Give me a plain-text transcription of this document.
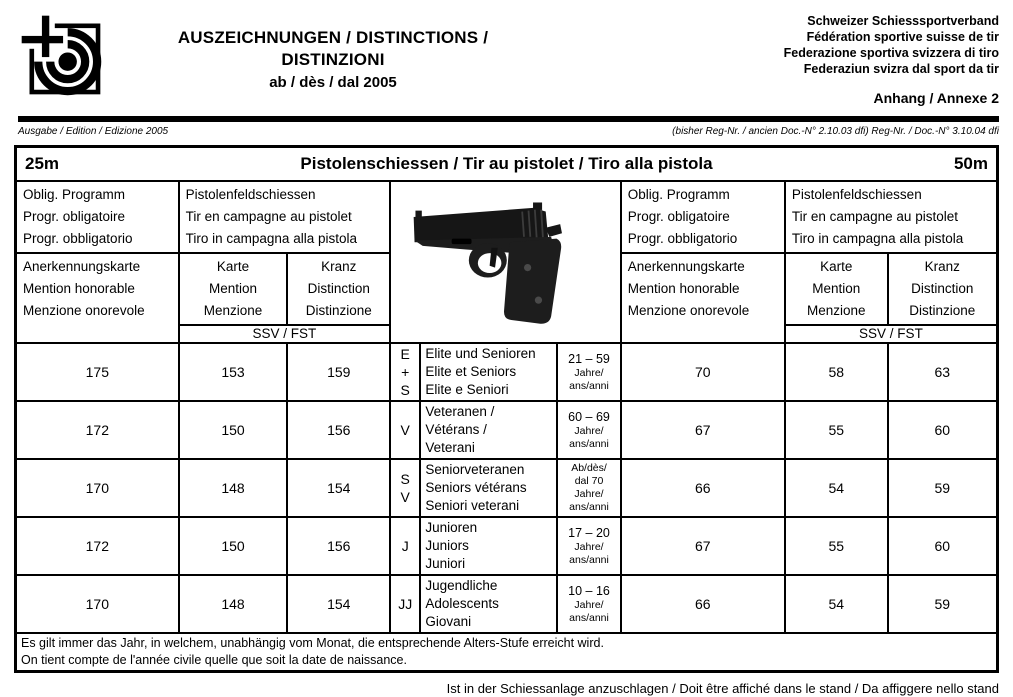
AUSZEICHNUNGEN / DISTINCTIONS /
DISTINZIONI
ab / dès / dal 2005
Schweizer Schiesssportverband
Fédération sportive suisse de tir
Federazione sportiva svizzera di tiro
Federaziun svizra dal sport da tir
Anhang / Annexe 2
Ausgabe / Edition / Edizione 2005	(bisher Reg-Nr. / ancien Doc.-N° 2.10.03 dfi) Reg-Nr. / Doc.-N° 3.10.04 dfi
25m Pistolenschiessen / Tir au pistolet / Tiro alla pistola 50m								

Oblig. Programm
Progr. obligatoire
Progr. obbligatorio	Pistolenfeldschiessen
Tir en campagne au pistolet
Tiro in campagna alla pistola					Oblig. Programm
Progr. obligatoire
Progr. obbligatorio	Pistolenfeldschiessen
Tir en campagne au pistolet
Tiro in campagna alla pistola	
Anerkennungskarte
Mention honorable
Menzione onorevole	Karte
Mention
Menzione	Kranz
Distinction
Distinzione				Anerkennungskarte
Mention honorable
Menzione onorevole	Karte
Mention
Menzione	Kranz
Distinction
Distinzione
	SSV / FST						SSV / FST	
175	153	159	E
+
S	Elite und Senioren
Elite et Seniors
Elite e Seniori	21 – 59
Jahre/
ans/anni	70	58	63
172	150	156	V	Veteranen /
Vétérans /
Veterani	60 – 69
Jahre/
ans/anni	67	55	60
170	148	154	S
V	Seniorveteranen
Seniors vétérans
Seniori veterani	Ab/dès/
dal 70
Jahre/
ans/anni	66	54	59
172	150	156	J	Junioren
Juniors
Juniori	17 – 20
Jahre/
ans/anni	67	55	60
170	148	154	JJ	Jugendliche
Adolescents
Giovani	10 – 16
Jahre/
ans/anni	66	54	59
Es gilt immer das Jahr, in welchem, unabhängig vom Monat, die entsprechende Alters-Stufe erreicht wird.
On tient compte de l'année civile quelle que soit la date de naissance.								
Ist in der Schiessanlage anzuschlagen / Doit être affiché dans le stand / Da affiggere nello stand
